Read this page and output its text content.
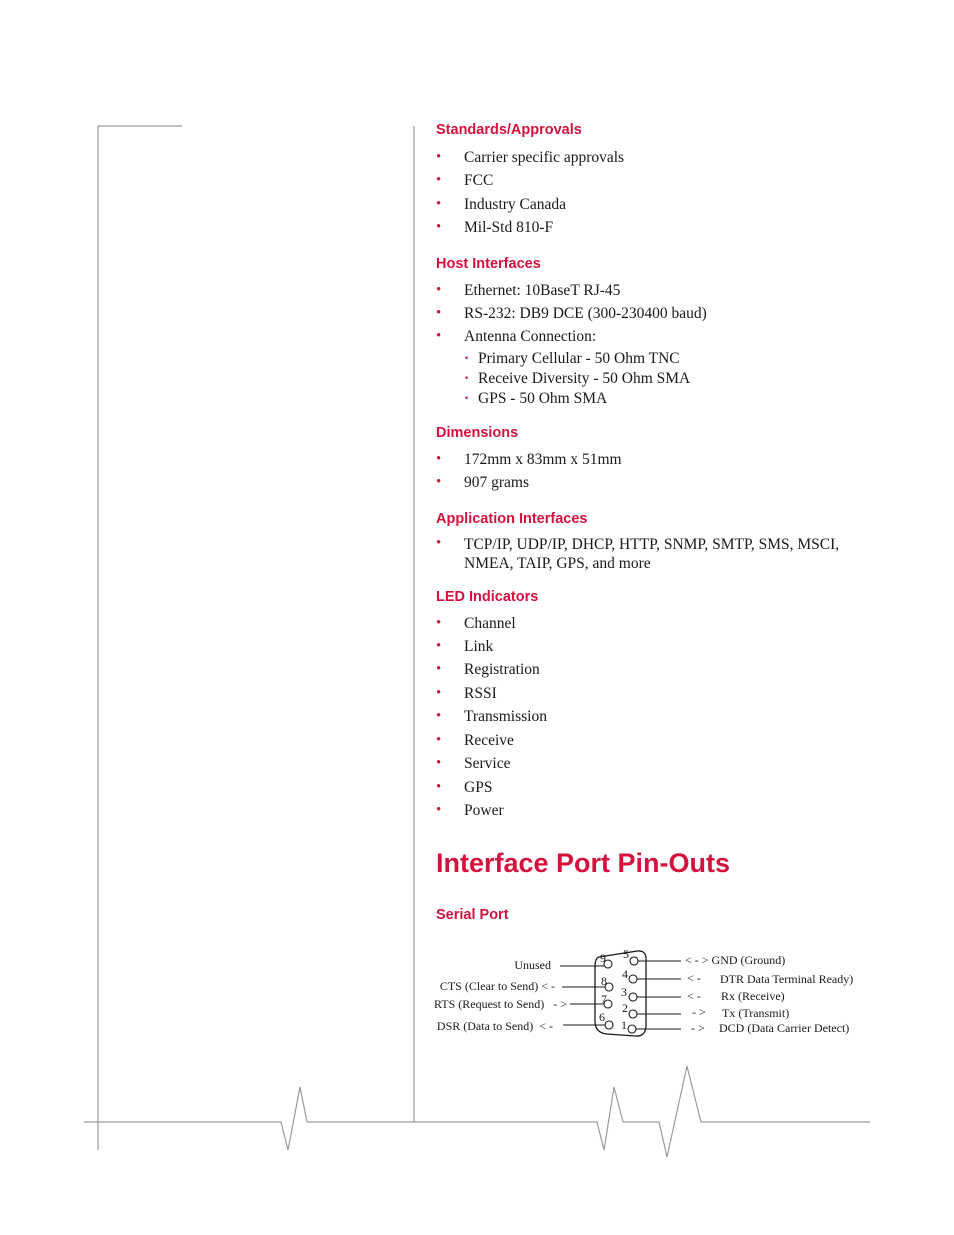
Standards/Approvals
• Carrier specific approvals
• FCC
• Industry Canada
• Mil-Std 810-F
Host Interfaces
• Ethernet: 10BaseT RJ-45
• RS-232: DB9 DCE (300-230400 baud)
• Antenna Connection:
· Primary Cellular - 50 Ohm TNC
· Receive Diversity - 50 Ohm SMA
· GPS - 50 Ohm SMA
Dimensions
• 172mm x 83mm x 51mm
• 907 grams
Application Interfaces
• TCP/IP, UDP/IP, DHCP, HTTP, SNMP, SMTP, SMS, MSCI, NMEA, TAIP, GPS, and more
LED Indicators
• Channel
• Link
• Registration
• RSSI
• Transmission
• Receive
• Service
• GPS
• Power
Interface Port Pin-Outs
Serial Port
5
4
3
2
1
9
8
7
6
Unused
CTS (Clear to Send) < -
RTS (Request to Send)   - >
DSR (Data to Send)  < -
< - > GND (Ground)
< - DTR Data Terminal Ready)
< - Rx (Receive)
- > Tx (Transmit)
- > DCD (Data Carrier Detect)
